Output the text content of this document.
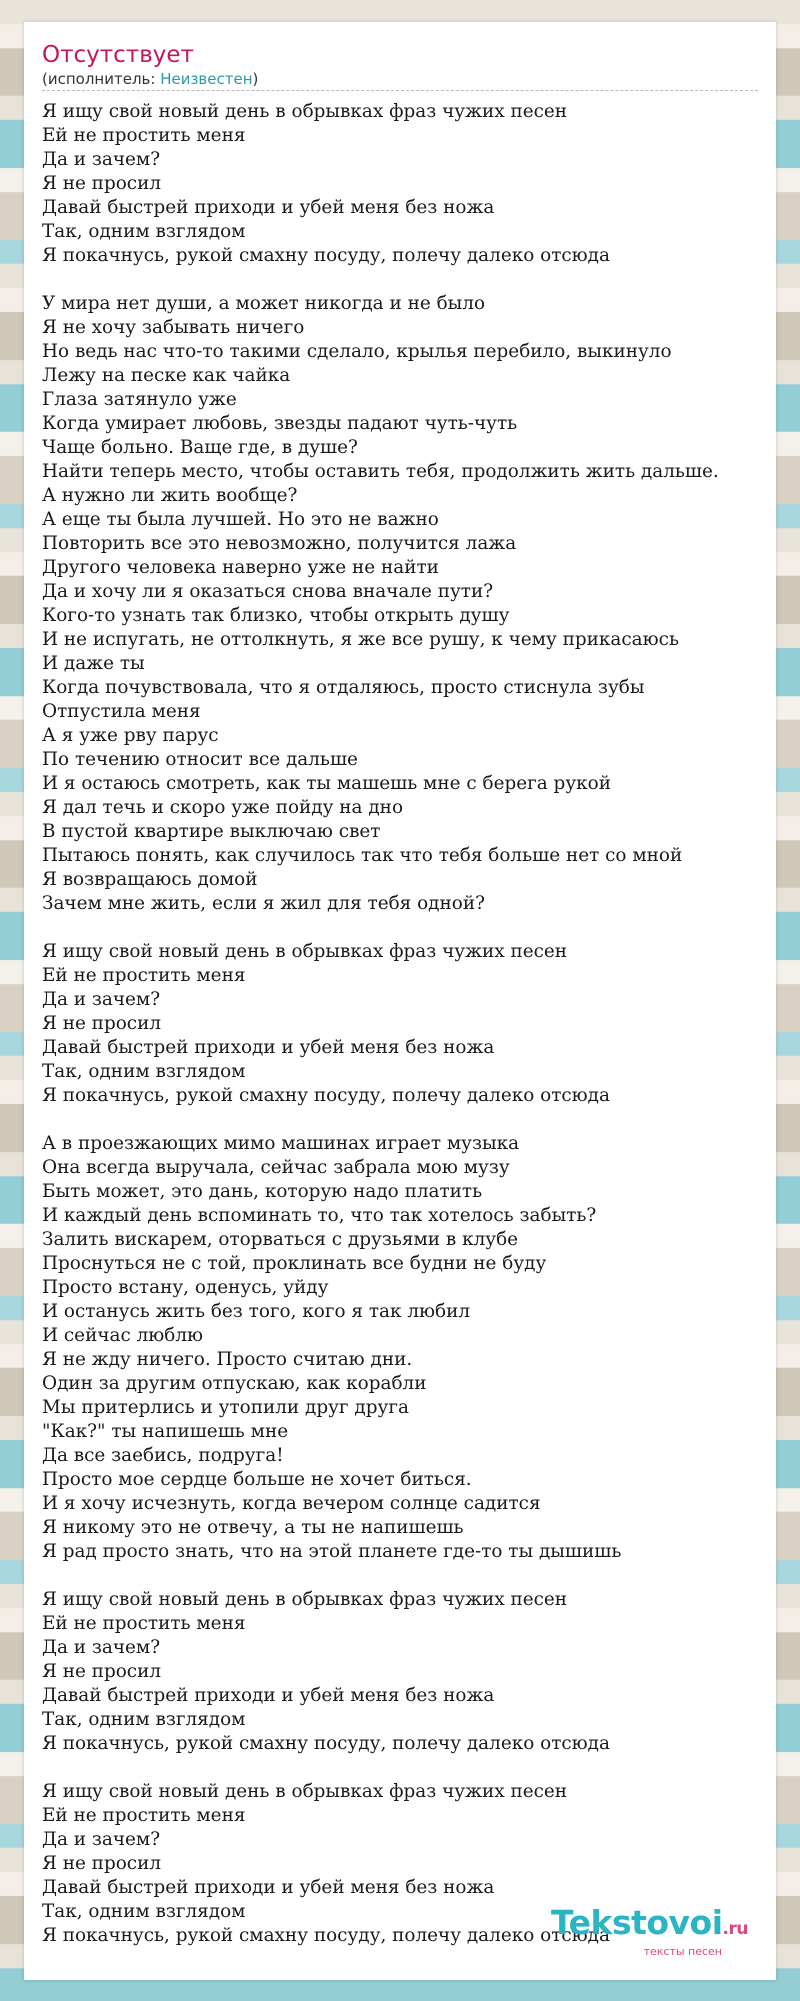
Отсутствует
(исполнитель: Неизвестен)
Я ищу свой новый день в обрывках фраз чужих песен
Ей не простить меня
Да и зачем?
Я не просил
Давай быстрей приходи и убей меня без ножа
Так, одним взглядом
Я покачнусь, рукой смахну посуду, полечу далеко отсюда
У мира нет души, а может никогда и не было
Я не хочу забывать ничего
Но ведь нас что-то такими сделало, крылья перебило, выкинуло
Лежу на песке как чайка
Глаза затянуло уже
Когда умирает любовь, звезды падают чуть-чуть
Чаще больно. Ваще где, в душе?
Найти теперь место, чтобы оставить тебя, продолжить жить дальше.
А нужно ли жить вообще?
А еще ты была лучшей. Но это не важно
Повторить все это невозможно, получится лажа
Другого человека наверно уже не найти
Да и хочу ли я оказаться снова вначале пути?
Кого-то узнать так близко, чтобы открыть душу
И не испугать, не оттолкнуть, я же все рушу, к чему прикасаюсь
И даже ты
Когда почувствовала, что я отдаляюсь, просто стиснула зубы
Отпустила меня
А я уже рву парус
По течению относит все дальше
И я остаюсь смотреть, как ты машешь мне с берега рукой
Я дал течь и скоро уже пойду на дно
В пустой квартире выключаю свет
Пытаюсь понять, как случилось так что тебя больше нет со мной
Я возвращаюсь домой
Зачем мне жить, если я жил для тебя одной?
Я ищу свой новый день в обрывках фраз чужих песен
Ей не простить меня
Да и зачем?
Я не просил
Давай быстрей приходи и убей меня без ножа
Так, одним взглядом
Я покачнусь, рукой смахну посуду, полечу далеко отсюда
А в проезжающих мимо машинах играет музыка
Она всегда выручала, сейчас забрала мою музу
Быть может, это дань, которую надо платить
И каждый день вспоминать то, что так хотелось забыть?
Залить вискарем, оторваться с друзьями в клубе
Проснуться не с той, проклинать все будни не буду
Просто встану, оденусь, уйду
И останусь жить без того, кого я так любил
И сейчас люблю
Я не жду ничего. Просто считаю дни.
Один за другим отпускаю, как корабли
Мы притерлись и утопили друг друга
"Как?" ты напишешь мне
Да все заебись, подруга!
Просто мое сердце больше не хочет биться.
И я хочу исчезнуть, когда вечером солнце садится
Я никому это не отвечу, а ты не напишешь
Я рад просто знать, что на этой планете где-то ты дышишь
Я ищу свой новый день в обрывках фраз чужих песен
Ей не простить меня
Да и зачем?
Я не просил
Давай быстрей приходи и убей меня без ножа
Так, одним взглядом
Я покачнусь, рукой смахну посуду, полечу далеко отсюда
Я ищу свой новый день в обрывках фраз чужих песен
Ей не простить меня
Да и зачем?
Я не просил
Давай быстрей приходи и убей меня без ножа
Так, одним взглядом
Я покачнусь, рукой смахну посуду, полечу далеко отсюда
Tekstovoi.ru
тексты песен
